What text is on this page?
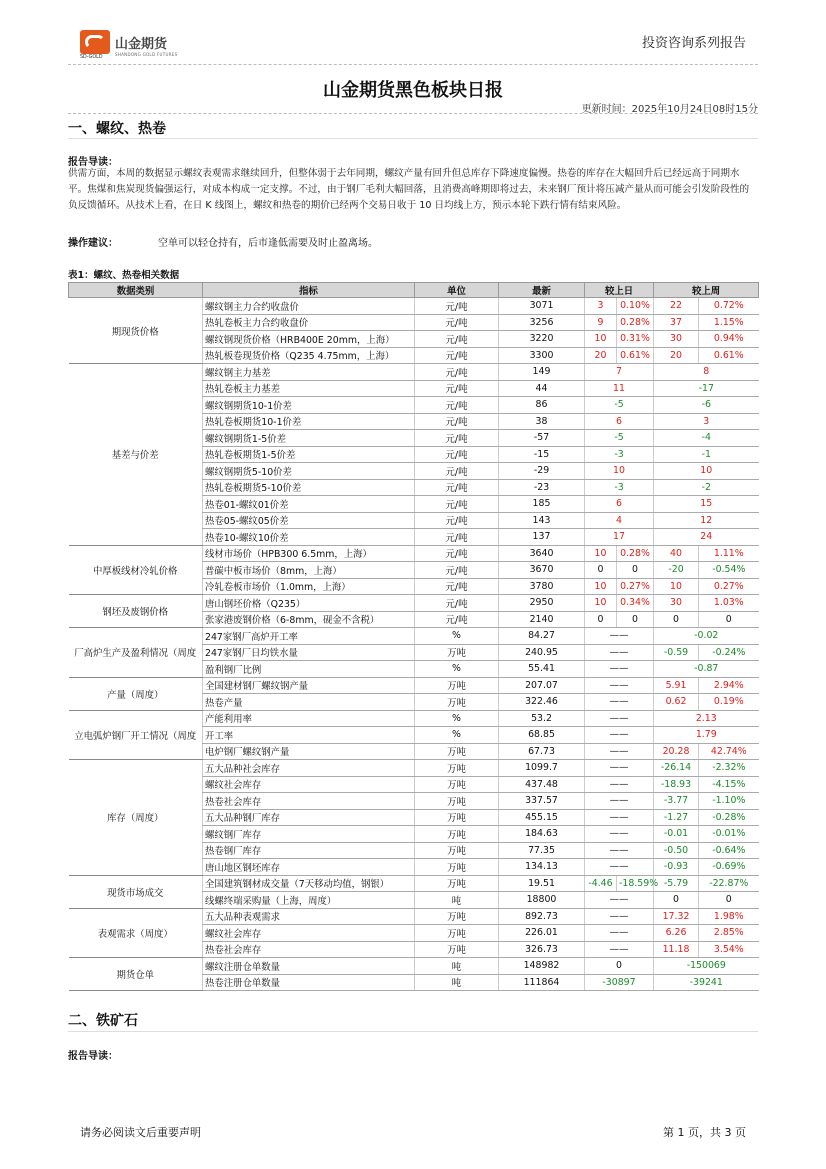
SD-GOLD
山金期货
SHANDONG GOLD FUTURES
投资咨询系列报告
山金期货黑色板块日报
更新时间：2025年10月24日08时15分
一、螺纹、热卷
报告导读：
供需方面，本周的数据显示螺纹表观需求继续回升，但整体弱于去年同期，螺纹产量有回升但总库存下降速度偏慢。热卷的库存在大幅回升后已经远高于同期水平。焦煤和焦炭现货偏强运行，对成本构成一定支撑。不过，由于钢厂毛利大幅回落，且消费高峰期即将过去，未来钢厂预计将压减产量从而可能会引发阶段性的负反馈循环。从技术上看，在日 K 线图上，螺纹和热卷的期价已经两个交易日收于 10 日均线上方，预示本轮下跌行情有结束风险。
操作建议：	空单可以轻仓持有，后市逢低需要及时止盈离场。
表1：螺纹、热卷相关数据
数据类别	指标	单位	最新	较上日		较上周	
期现货价格	螺纹钢主力合约收盘价	元/吨	3071	3	0.10%	22	0.72%
	热轧卷板主力合约收盘价	元/吨	3256	9	0.28%	37	1.15%
	螺纹钢现货价格（HRB400E 20mm，上海）	元/吨	3220	10	0.31%	30	0.94%
	热轧板卷现货价格（Q235 4.75mm，上海）	元/吨	3300	20	0.61%	20	0.61%
基差与价差	螺纹钢主力基差	元/吨	149	7		8	
	热轧卷板主力基差	元/吨	44	11		-17	
	螺纹钢期货10-1价差	元/吨	86	-5		-6	
	热轧卷板期货10-1价差	元/吨	38	6		3	
	螺纹钢期货1-5价差	元/吨	-57	-5		-4	
	热轧卷板期货1-5价差	元/吨	-15	-3		-1	
	螺纹钢期货5-10价差	元/吨	-29	10		10	
	热轧卷板期货5-10价差	元/吨	-23	-3		-2	
	热卷01-螺纹01价差	元/吨	185	6		15	
	热卷05-螺纹05价差	元/吨	143	4		12	
	热卷10-螺纹10价差	元/吨	137	17		24	
中厚板线材冷轧价格	线材市场价（HPB300 6.5mm，上海）	元/吨	3640	10	0.28%	40	1.11%
	普碳中板市场价（8mm，上海）	元/吨	3670	0	0	-20	-0.54%
	冷轧卷板市场价（1.0mm，上海）	元/吨	3780	10	0.27%	10	0.27%
钢坯及废钢价格	唐山钢坯价格（Q235）	元/吨	2950	10	0.34%	30	1.03%
	张家港废钢价格（6-8mm，砚金不含税）	元/吨	2140	0	0	0	0
厂高炉生产及盈利情况（周度	247家钢厂高炉开工率	%	84.27	——		-0.02	
	247家钢厂日均铁水量	万吨	240.95	——		-0.59	-0.24%
	盈利钢厂比例	%	55.41	——		-0.87	
产量（周度）	全国建材钢厂螺纹钢产量	万吨	207.07	——		5.91	2.94%
	热卷产量	万吨	322.46	——		0.62	0.19%
立电弧炉钢厂开工情况（周度	产能利用率	%	53.2	——		2.13	
	开工率	%	68.85	——		1.79	
	电炉钢厂螺纹钢产量	万吨	67.73	——		20.28	42.74%
库存（周度）	五大品种社会库存	万吨	1099.7	——		-26.14	-2.32%
	螺纹社会库存	万吨	437.48	——		-18.93	-4.15%
	热卷社会库存	万吨	337.57	——		-3.77	-1.10%
	五大品种钢厂库存	万吨	455.15	——		-1.27	-0.28%
	螺纹钢厂库存	万吨	184.63	——		-0.01	-0.01%
	热卷钢厂库存	万吨	77.35	——		-0.50	-0.64%
	唐山地区钢坯库存	万吨	134.13	——		-0.93	-0.69%
现货市场成交	全国建筑钢材成交量（7天移动均值，钢银）	万吨	19.51	-4.46	-18.59%	-5.79	-22.87%
	线螺终端采购量（上海，周度）	吨	18800	——		0	0
表观需求（周度）	五大品种表观需求	万吨	892.73	——		17.32	1.98%
	螺纹社会库存	万吨	226.01	——		6.26	2.85%
	热卷社会库存	万吨	326.73	——		11.18	3.54%
期货仓单	螺纹注册仓单数量	吨	148982	0		-150069	
	热卷注册仓单数量	吨	111864	-30897		-39241	
二、铁矿石
报告导读：
请务必阅读文后重要声明	第 1 页，共 3 页
